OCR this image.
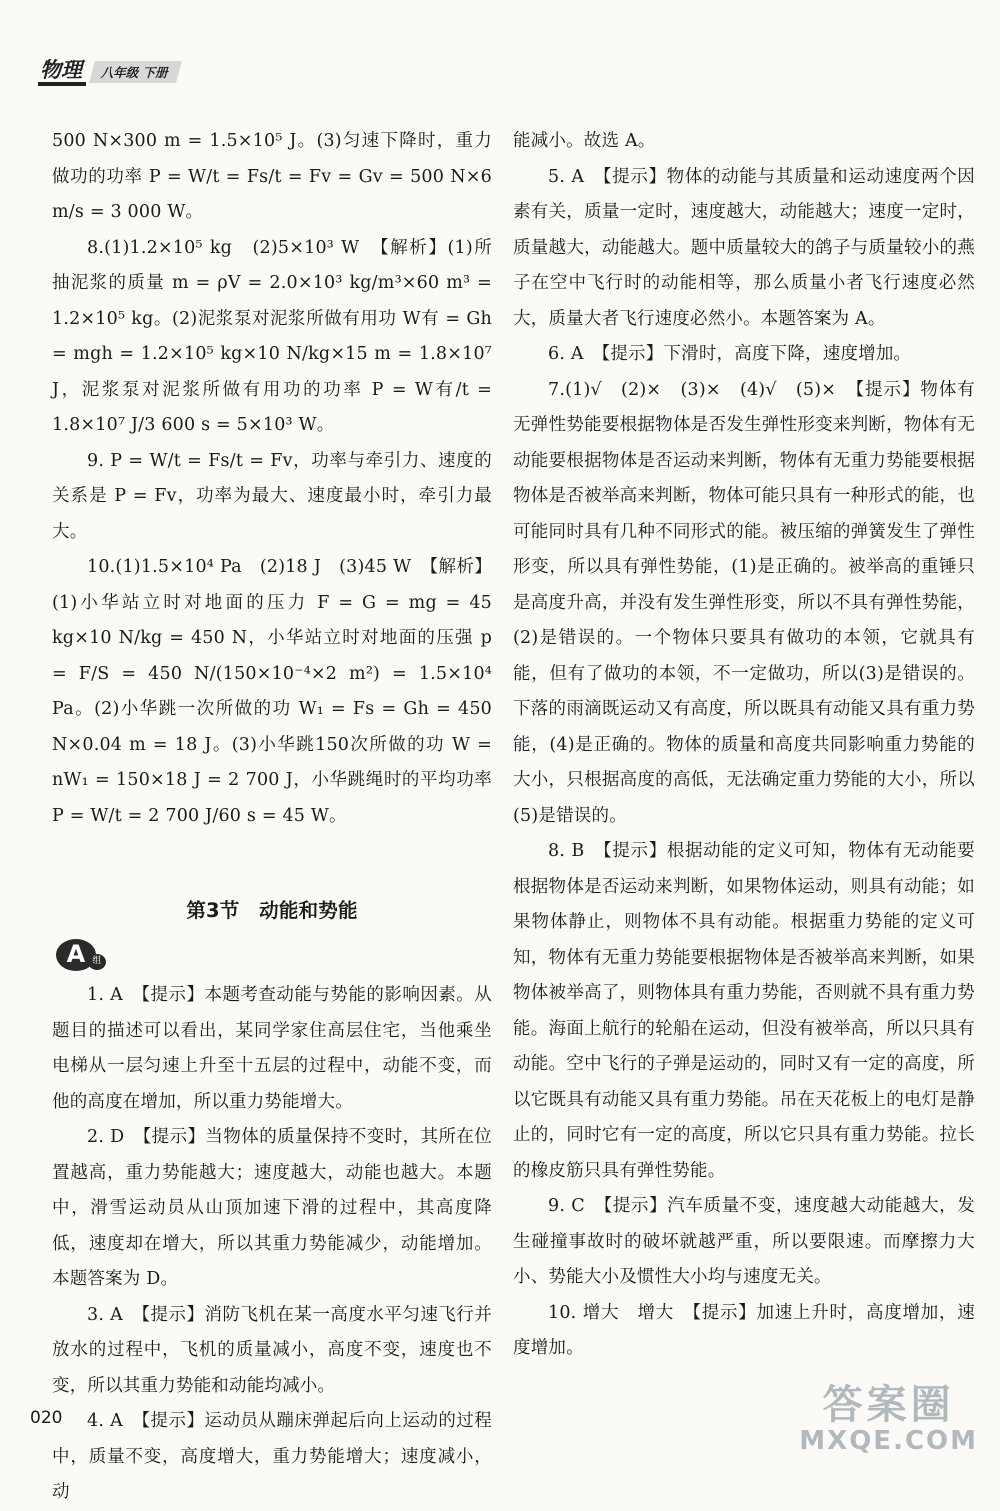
物理	八年级 下册

500 N×300 m = 1.5×10⁵ J。(3)匀速下降时，重力做功的功率 P = W/t = Fs/t = Fv = Gv = 500 N×6 m/s = 3 000 W。

8.(1)1.2×10⁵ kg　(2)5×10³ W　【解析】(1)所抽泥浆的质量 m = ρV = 2.0×10³ kg/m³×60 m³ = 1.2×10⁵ kg。(2)泥浆泵对泥浆所做有用功 W有 = Gh = mgh = 1.2×10⁵ kg×10 N/kg×15 m = 1.8×10⁷ J，泥浆泵对泥浆所做有用功的功率 P = W有/t = 1.8×10⁷ J/3 600 s = 5×10³ W。

9. P = W/t = Fs/t = Fv，功率与牵引力、速度的关系是 P = Fv，功率为最大、速度最小时，牵引力最大。

10.(1)1.5×10⁴ Pa　(2)18 J　(3)45 W　【解析】(1)小华站立时对地面的压力 F = G = mg = 45 kg×10 N/kg = 450 N，小华站立时对地面的压强 p = F/S = 450 N/(150×10⁻⁴×2 m²) = 1.5×10⁴ Pa。(2)小华跳一次所做的功 W₁ = Fs = Gh = 450 N×0.04 m = 18 J。(3)小华跳150次所做的功 W = nW₁ = 150×18 J = 2 700 J，小华跳绳时的平均功率 P = W/t = 2 700 J/60 s = 45 W。

第3节　动能和势能
A 组

1. A　【提示】本题考查动能与势能的影响因素。从题目的描述可以看出，某同学家住高层住宅，当他乘坐电梯从一层匀速上升至十五层的过程中，动能不变，而他的高度在增加，所以重力势能增大。

2. D　【提示】当物体的质量保持不变时，其所在位置越高，重力势能越大；速度越大，动能也越大。本题中，滑雪运动员从山顶加速下滑的过程中，其高度降低，速度却在增大，所以其重力势能减少，动能增加。本题答案为 D。

3. A　【提示】消防飞机在某一高度水平匀速飞行并放水的过程中，飞机的质量减小，高度不变，速度也不变，所以其重力势能和动能均减小。

4. A　【提示】运动员从蹦床弹起后向上运动的过程中，质量不变，高度增大，重力势能增大；速度减小，动

能减小。故选 A。

5. A　【提示】物体的动能与其质量和运动速度两个因素有关，质量一定时，速度越大，动能越大；速度一定时，质量越大，动能越大。题中质量较大的鸽子与质量较小的燕子在空中飞行时的动能相等，那么质量小者飞行速度必然大，质量大者飞行速度必然小。本题答案为 A。

6. A　【提示】下滑时，高度下降，速度增加。

7.(1)√　(2)×　(3)×　(4)√　(5)×　【提示】物体有无弹性势能要根据物体是否发生弹性形变来判断，物体有无动能要根据物体是否运动来判断，物体有无重力势能要根据物体是否被举高来判断，物体可能只具有一种形式的能，也可能同时具有几种不同形式的能。被压缩的弹簧发生了弹性形变，所以具有弹性势能，(1)是正确的。被举高的重锤只是高度升高，并没有发生弹性形变，所以不具有弹性势能，(2)是错误的。一个物体只要具有做功的本领，它就具有能，但有了做功的本领，不一定做功，所以(3)是错误的。下落的雨滴既运动又有高度，所以既具有动能又具有重力势能，(4)是正确的。物体的质量和高度共同影响重力势能的大小，只根据高度的高低，无法确定重力势能的大小，所以(5)是错误的。

8. B　【提示】根据动能的定义可知，物体有无动能要根据物体是否运动来判断，如果物体运动，则具有动能；如果物体静止，则物体不具有动能。根据重力势能的定义可知，物体有无重力势能要根据物体是否被举高来判断，如果物体被举高了，则物体具有重力势能，否则就不具有重力势能。海面上航行的轮船在运动，但没有被举高，所以只具有动能。空中飞行的子弹是运动的，同时又有一定的高度，所以它既具有动能又具有重力势能。吊在天花板上的电灯是静止的，同时它有一定的高度，所以它只具有重力势能。拉长的橡皮筋只具有弹性势能。

9. C　【提示】汽车质量不变，速度越大动能越大，发生碰撞事故时的破坏就越严重，所以要限速。而摩擦力大小、势能大小及惯性大小均与速度无关。

10. 增大　增大　【提示】加速上升时，高度增加，速度增加。

020	答案圈
MXQE.COM
